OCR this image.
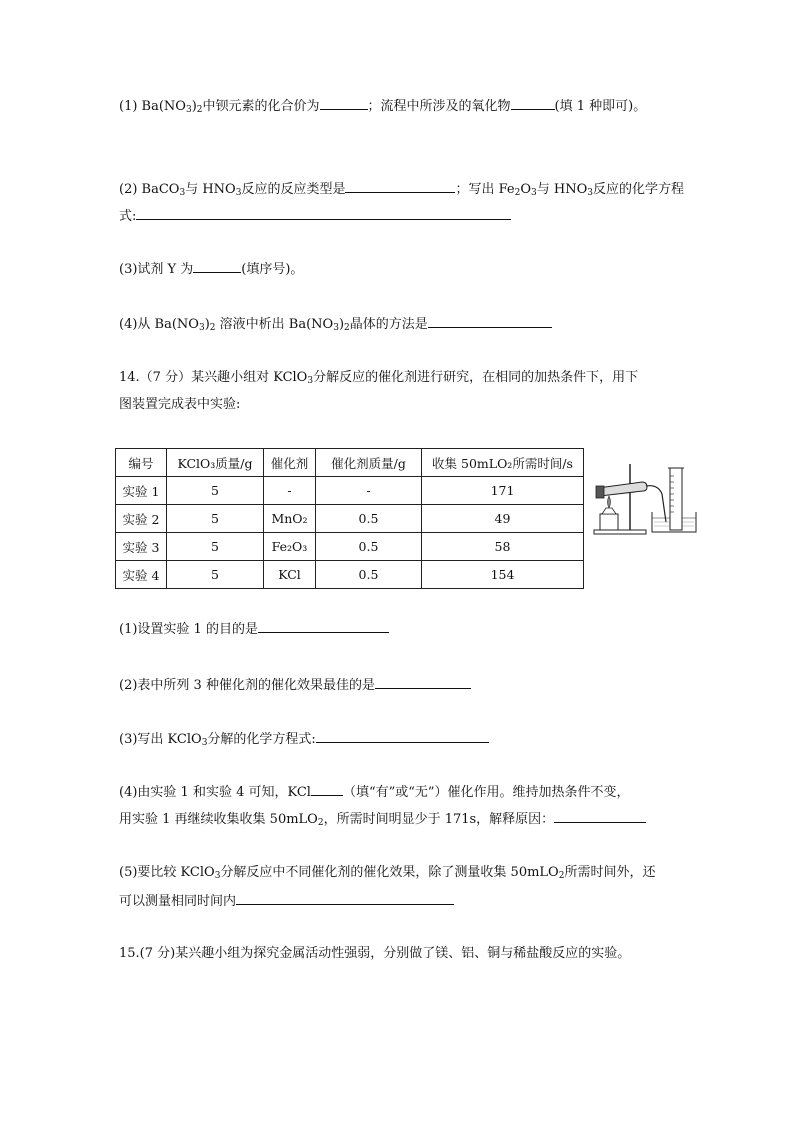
(1) $Ba(NO_3)_2$中钡元素的化合价为	；流程中所涉及的氧化物	(填 1 种即可)。
(2) BaCO$_3$与 $HNO_3$反应的反应类型是	；写出 $Fe_2O_3$与 $HNO_3$反应的化学方程
式:
(3)试剂 Y 为	(填序号)。
(4)从 $Ba(NO_3)_2$ 溶液中析出 $Ba(NO_3)_2$晶体的方法是
14.（7 分）某兴趣小组对 KClO$_3$分解反应的催化剂进行研究，在相同的加热条件下，用下
图装置完成表中实验:
编号	KClO₃质量/g	催化剂	催化剂质量/g	收集 50mLO₂所需时间/s
实验 1	5	-	-	171
实验 2	5	MnO₂	0.5	49
实验 3	5	Fe₂O₃	0.5	58
实验 4	5	KCl	0.5	154
(1)设置实验 1 的目的是
(2)表中所列 3 种催化剂的催化效果最佳的是
(3)写出 KClO$_3$分解的化学方程式:
(4)由实验 1 和实验 4 可知，KCl （填“有”或“无”）催化作用。维持加热条件不变，
用实验 1 再继续收集收集 50mLO$_2$，所需时间明显少于 171s，解释原因：
(5)要比较 KClO$_3$分解反应中不同催化剂的催化效果，除了测量收集 50mLO$_2$所需时间外，还
可以测量相同时间内
15.(7 分)某兴趣小组为探究金属活动性强弱，分别做了镁、铝、铜与稀盐酸反应的实验。
